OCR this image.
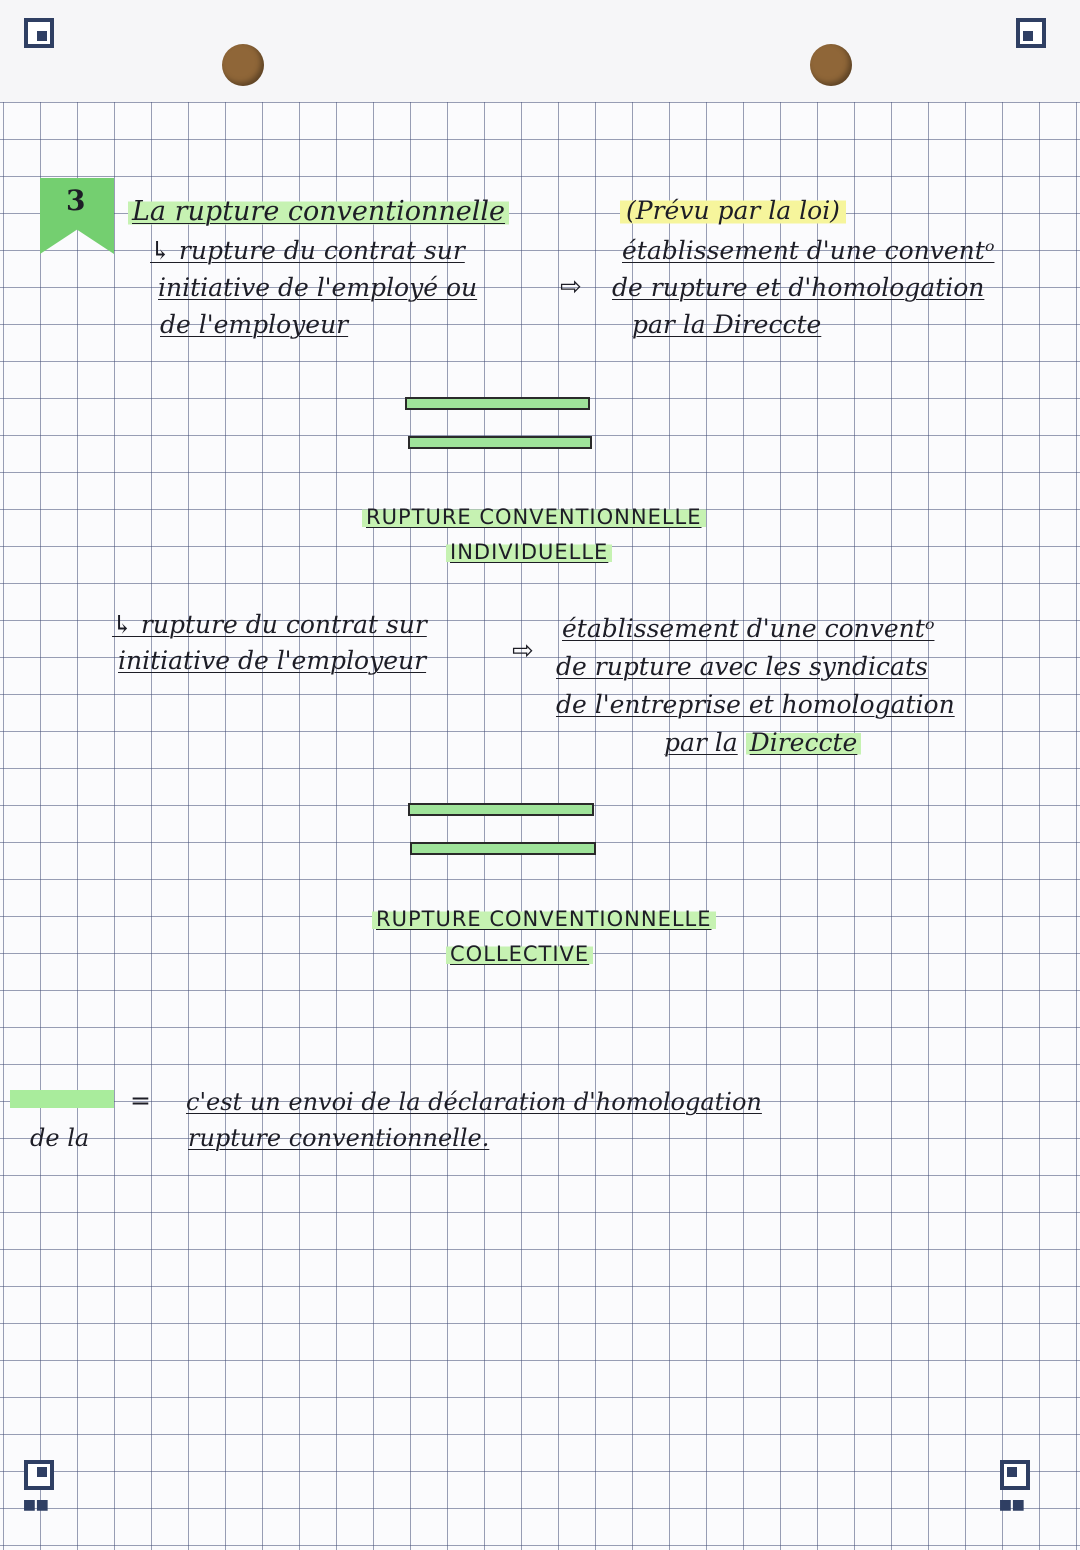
■■	■■
3 La rupture conventionnelle	(Prévu par la loi)
↳ rupture du contrat sur
initiative de l'employé ou
de l'employeur
⇨
établissement d'une conventᵒ
de rupture et d'homologation
par la Direccte
RUPTURE CONVENTIONNELLE
INDIVIDUELLE
↳ rupture du contrat sur
initiative de l'employeur	⇨
établissement d'une conventᵒ
de rupture avec les syndicats
de l'entreprise et homologation
par la Direccte
RUPTURE CONVENTIONNELLE
COLLECTIVE
= c'est un envoi de la déclaration d'homologation
de la	rupture conventionnelle.
